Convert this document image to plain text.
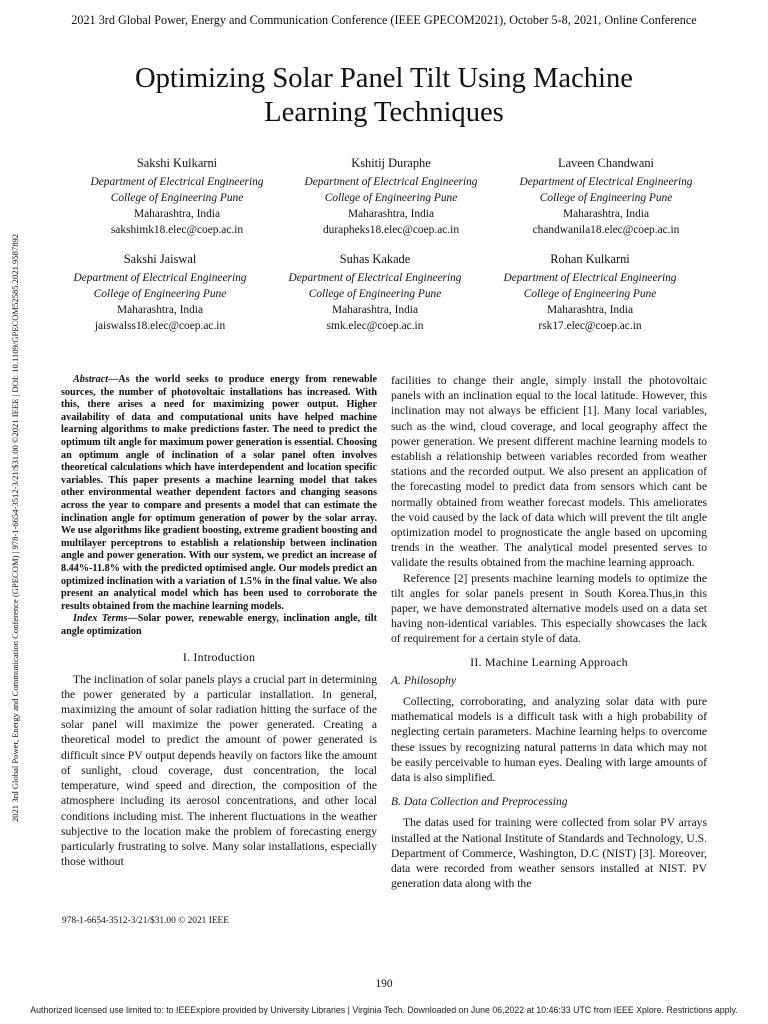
2021 3rd Global Power, Energy and Communication Conference (IEEE GPECOM2021), October 5-8, 2021, Online Conference
2021 3rd Global Power, Energy and Communication Conference (GPECOM) | 978-1-6654-3512-3/21/$31.00 ©2021 IEEE | DOI: 10.1109/GPECOM52585.2021.9587892
Optimizing Solar Panel Tilt Using Machine
Learning Techniques
Sakshi Kulkarni
Department of Electrical Engineering
College of Engineering Pune
Maharashtra, India
sakshimk18.elec@coep.ac.in
Kshitij Duraphe
Department of Electrical Engineering
College of Engineering Pune
Maharashtra, India
durapheks18.elec@coep.ac.in
Laveen Chandwani
Department of Electrical Engineering
College of Engineering Pune
Maharashtra, India
chandwanila18.elec@coep.ac.in
Sakshi Jaiswal
Department of Electrical Engineering
College of Engineering Pune
Maharashtra, India
jaiswalss18.elec@coep.ac.in
Suhas Kakade
Department of Electrical Engineering
College of Engineering Pune
Maharashtra, India
smk.elec@coep.ac.in
Rohan Kulkarni
Department of Electrical Engineering
College of Engineering Pune
Maharashtra, India
rsk17.elec@coep.ac.in

Abstract—As the world seeks to produce energy from renewable sources, the number of photovoltaic installations has increased. With this, there arises a need for maximizing power output. Higher availability of data and computational units have helped machine learning algorithms to make predictions faster. The need to predict the optimum tilt angle for maximum power generation is essential. Choosing an optimum angle of inclination of a solar panel often involves theoretical calculations which have interdependent and location specific variables. This paper presents a machine learning model that takes other environmental weather dependent factors and changing seasons across the year to compare and presents a model that can estimate the inclination angle for optimum generation of power by the solar array. We use algorithms like gradient boosting, extreme gradient boosting and multilayer perceptrons to establish a relationship between inclination angle and power generation. With our system, we predict an increase of 8.44%-11.8% with the predicted optimised angle. Our models predict an optimized inclination with a variation of 1.5% in the final value. We also present an analytical model which has been used to corroborate the results obtained from the machine learning models.

Index Terms—Solar power, renewable energy, inclination angle, tilt angle optimization

I. Introduction

The inclination of solar panels plays a crucial part in determining the power generated by a particular installation. In general, maximizing the amount of solar radiation hitting the surface of the solar panel will maximize the power generated. Creating a theoretical model to predict the amount of power generated is difficult since PV output depends heavily on factors like the amount of sunlight, cloud coverage, dust concentration, the local temperature, wind speed and direction, the composition of the atmosphere including its aerosol concentrations, and other local conditions including mist. The inherent fluctuations in the weather subjective to the location make the problem of forecasting energy particularly frustrating to solve. Many solar installations, especially those without

facilities to change their angle, simply install the photovoltaic panels with an inclination equal to the local latitude. However, this inclination may not always be efficient [1]. Many local variables, such as the wind, cloud coverage, and local geography affect the power generation. We present different machine learning models to establish a relationship between variables recorded from weather stations and the recorded output. We also present an application of the forecasting model to predict data from sensors which cant be normally obtained from weather forecast models. This ameliorates the void caused by the lack of data which will prevent the tilt angle optimization model to prognosticate the angle based on upcoming trends in the weather. The analytical model presented serves to validate the results obtained from the machine learning approach.

Reference [2] presents machine learning models to optimize the tilt angles for solar panels present in South Korea.Thus,in this paper, we have demonstrated alternative models used on a data set having non-identical variables. This especially showcases the lack of requirement for a certain style of data.

II. Machine Learning Approach

A. Philosophy

Collecting, corroborating, and analyzing solar data with pure mathematical models is a difficult task with a high probability of neglecting certain parameters. Machine learning helps to overcome these issues by recognizing natural patterns in data which may not be easily perceivable to human eyes. Dealing with large amounts of data is also simplified.

B. Data Collection and Preprocessing

The datas used for training were collected from solar PV arrays installed at the National Institute of Standards and Technology, U.S. Department of Commerce, Washington, D.C (NIST) [3]. Moreover, data were recorded from weather sensors installed at NIST. PV generation data along with the

978-1-6654-3512-3/21/$31.00 © 2021 IEEE
190
Authorized licensed use limited to: to IEEExplore provided by University Libraries | Virginia Tech. Downloaded on June 06,2022 at 10:46:33 UTC from IEEE Xplore. Restrictions apply.
